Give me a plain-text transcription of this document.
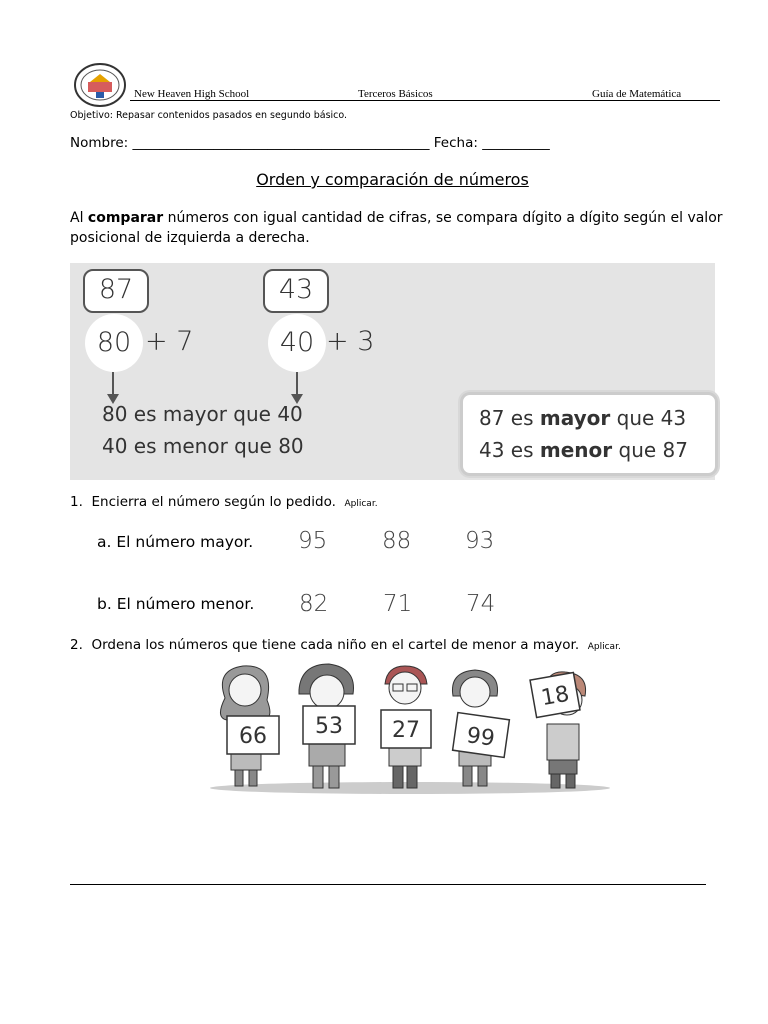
New Heaven High School	Terceros Básicos	Guía de Matemática
Objetivo: Repasar contenidos pasados en segundo básico.
Nombre: ____________________________________________ Fecha: __________
Orden y comparación de números
Al comparar números con igual cantidad de cifras, se compara dígito a dígito según el valor posicional de izquierda a derecha.
87	43
80 + 7	40 + 3
80 es mayor que 40
40 es menor que 80
87 es mayor que 43
43 es menor que 87
1. Encierra el número según lo pedido. Aplicar.
a. El número mayor. 95 88 93
b. El número menor. 82 71 74
2. Ordena los números que tiene cada niño en el cartel de menor a mayor. Aplicar.
66 53 27 99
18
